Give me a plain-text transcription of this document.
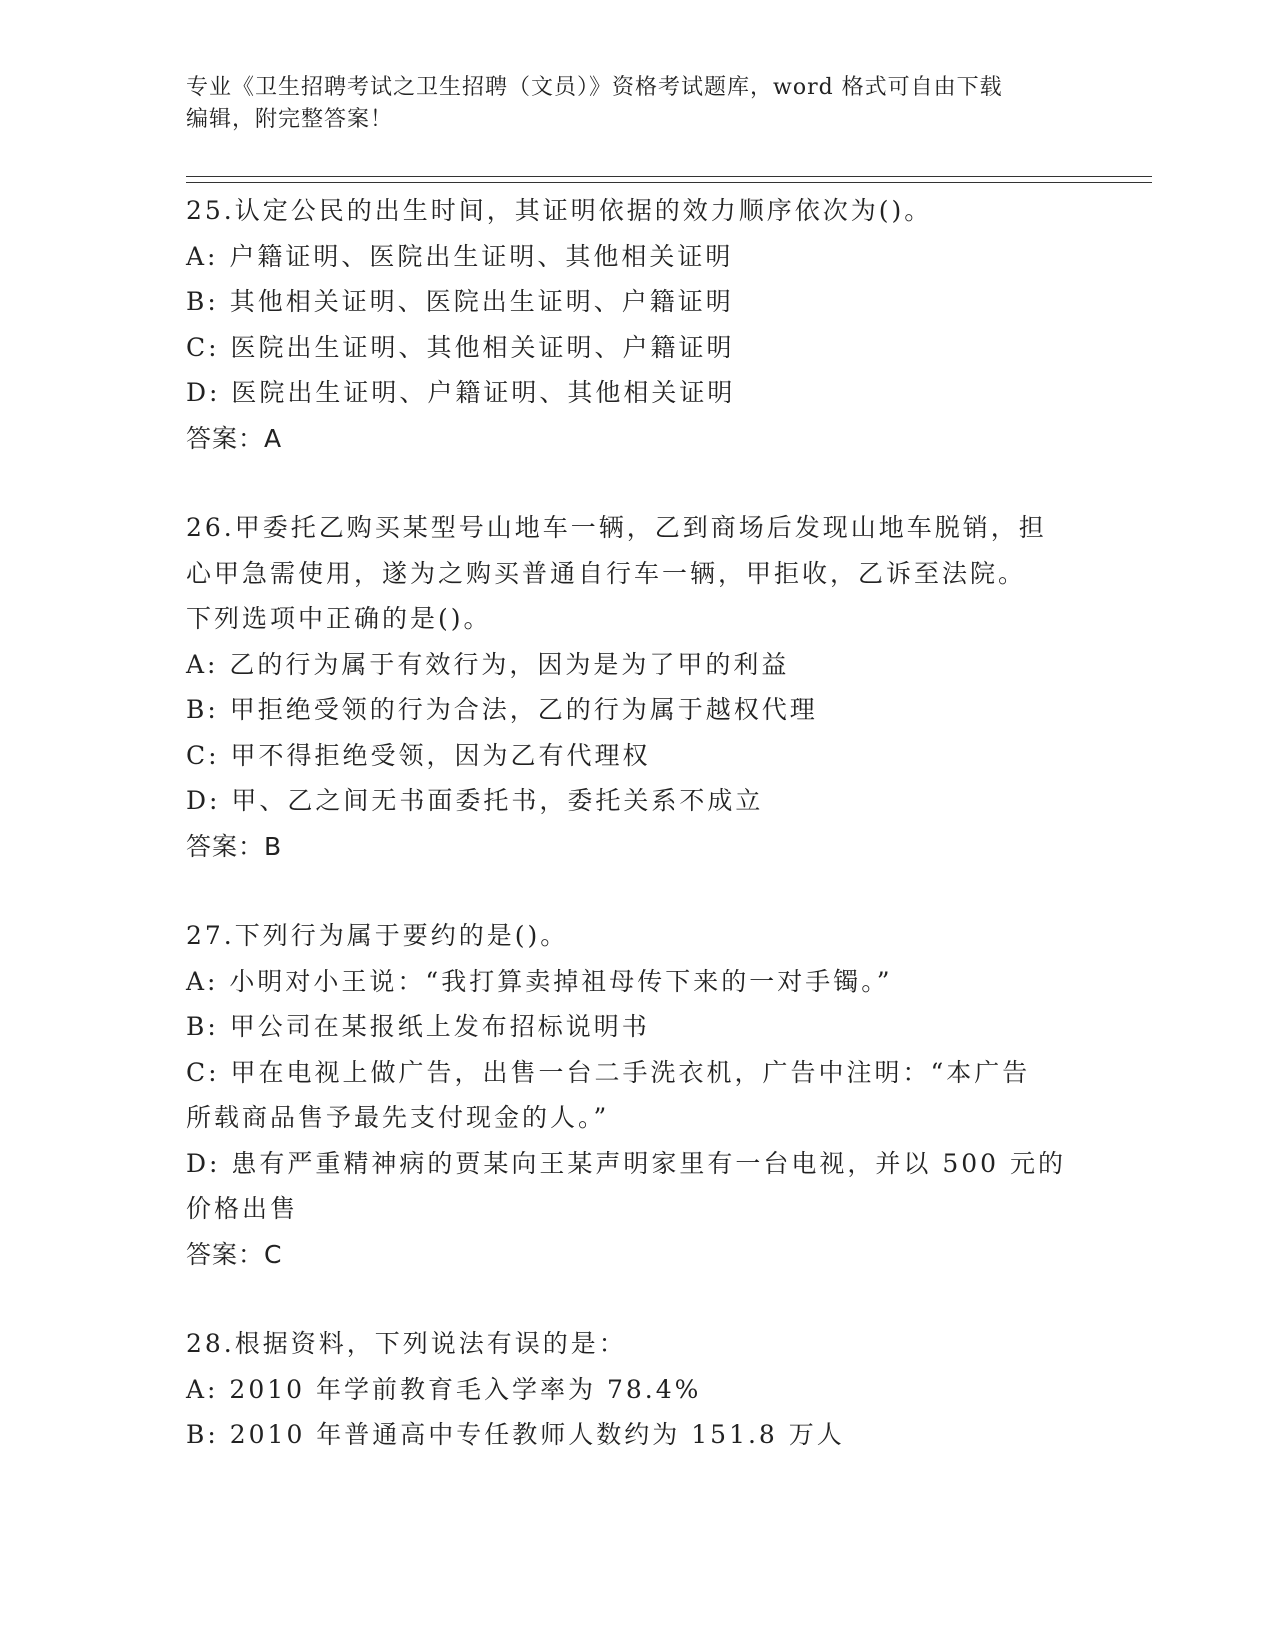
专业《卫生招聘考试之卫生招聘（文员）》资格考试题库，word 格式可自由下载
编辑，附完整答案！
25.认定公民的出生时间，其证明依据的效力顺序依次为()。
A: 户籍证明、医院出生证明、其他相关证明
B: 其他相关证明、医院出生证明、户籍证明
C: 医院出生证明、其他相关证明、户籍证明
D: 医院出生证明、户籍证明、其他相关证明
答案：A
26.甲委托乙购买某型号山地车一辆，乙到商场后发现山地车脱销，担
心甲急需使用，遂为之购买普通自行车一辆，甲拒收，乙诉至法院。
下列选项中正确的是()。
A: 乙的行为属于有效行为，因为是为了甲的利益
B: 甲拒绝受领的行为合法，乙的行为属于越权代理
C: 甲不得拒绝受领，因为乙有代理权
D: 甲、乙之间无书面委托书，委托关系不成立
答案：B
27.下列行为属于要约的是()。
A: 小明对小王说：“我打算卖掉祖母传下来的一对手镯。”
B: 甲公司在某报纸上发布招标说明书
C: 甲在电视上做广告，出售一台二手洗衣机，广告中注明：“本广告
所载商品售予最先支付现金的人。”
D: 患有严重精神病的贾某向王某声明家里有一台电视，并以 500 元的
价格出售
答案：C
28.根据资料，下列说法有误的是：
A: 2010 年学前教育毛入学率为 78.4%
B: 2010 年普通高中专任教师人数约为 151.8 万人
